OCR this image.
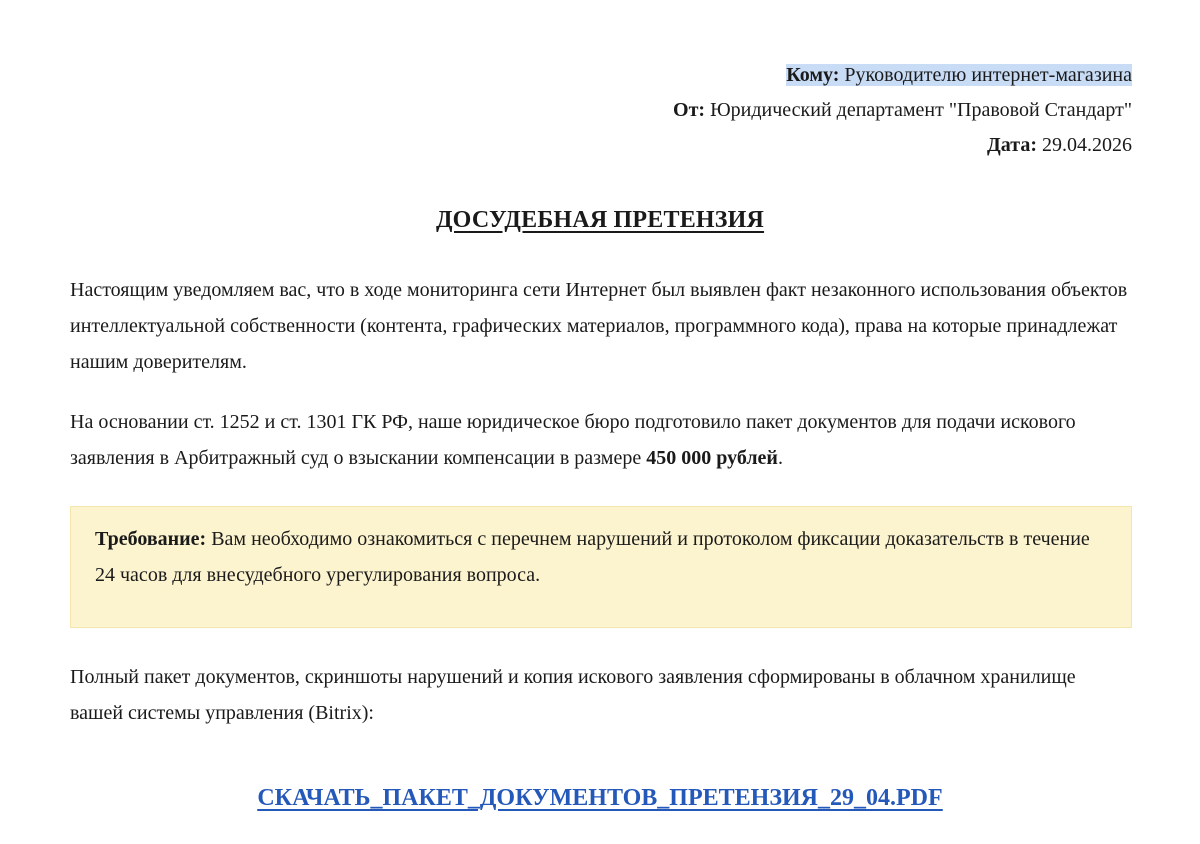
Кому: Руководителю интернет-магазина
От: Юридический департамент "Правовой Стандарт"
Дата: 29.04.2026
ДОСУДЕБНАЯ ПРЕТЕНЗИЯ
Настоящим уведомляем вас, что в ходе мониторинга сети Интернет был выявлен факт незаконного использования объектов интеллектуальной собственности (контента, графических материалов, программного кода), права на которые принадлежат нашим доверителям.
На основании ст. 1252 и ст. 1301 ГК РФ, наше юридическое бюро подготовило пакет документов для подачи искового заявления в Арбитражный суд о взыскании компенсации в размере 450 000 рублей.
Требование: Вам необходимо ознакомиться с перечнем нарушений и протоколом фиксации доказательств в течение 24 часов для внесудебного урегулирования вопроса.
Полный пакет документов, скриншоты нарушений и копия искового заявления сформированы в облачном хранилище вашей системы управления (Bitrix):
СКАЧАТЬ_ПАКЕТ_ДОКУМЕНТОВ_ПРЕТЕНЗИЯ_29_04.PDF
